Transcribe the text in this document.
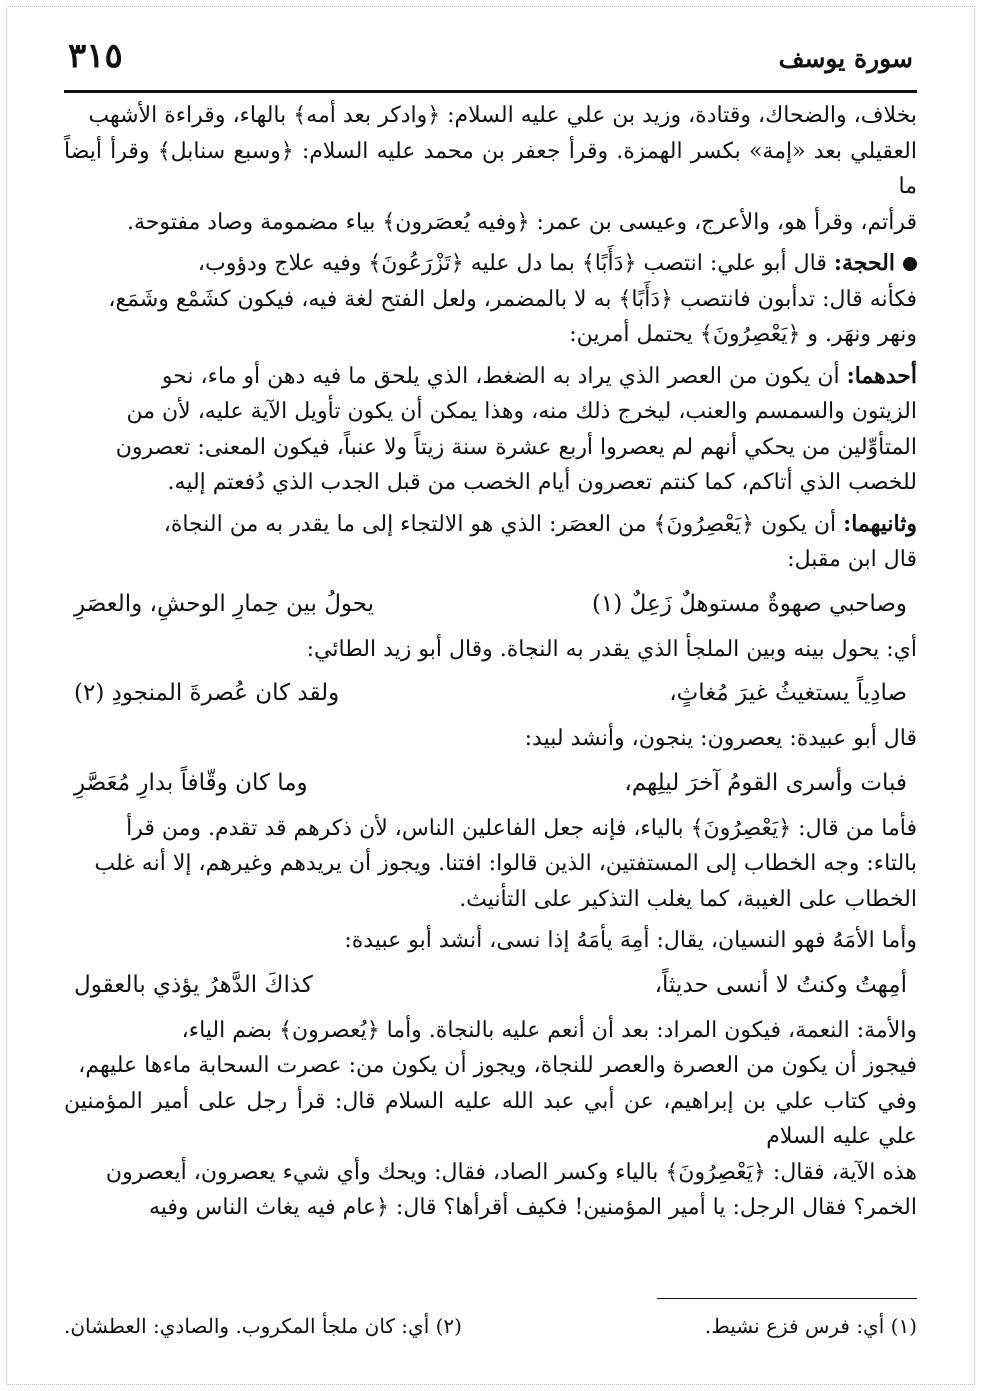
سورة يوسف
٣١٥

بخلاف، والضحاك، وقتادة، وزيد بن علي عليه السلام: ﴿وادكر بعد أمه﴾ بالهاء، وقراءة الأشهب

العقيلي بعد «إمة» بكسر الهمزة. وقرأ جعفر بن محمد عليه السلام: ﴿وسبع سنابل﴾ وقرأ أيضاً ما

قرأتم، وقرأ هو، والأعرج، وعيسى بن عمر: ﴿وفيه يُعصَرون﴾ بياء مضمومة وصاد مفتوحة.

الحجة: قال أبو علي: انتصب ﴿دَأَبًا﴾ بما دل عليه ﴿تَزْرَعُونَ﴾ وفيه علاج ودؤوب،

فكأنه قال: تدأبون فانتصب ﴿دَأَبًا﴾ به لا بالمضمر، ولعل الفتح لغة فيه، فيكون كشَمْع وشَمَع،

ونهر ونهَر. و ﴿يَعْصِرُونَ﴾ يحتمل أمرين:

أحدهما: أن يكون من العصر الذي يراد به الضغط، الذي يلحق ما فيه دهن أو ماء، نحو

الزيتون والسمسم والعنب، ليخرج ذلك منه، وهذا يمكن أن يكون تأويل الآية عليه، لأن من

المتأوِّلين من يحكي أنهم لم يعصروا أربع عشرة سنة زيتاً ولا عنباً، فيكون المعنى: تعصرون

للخصب الذي أتاكم، كما كنتم تعصرون أيام الخصب من قبل الجدب الذي دُفعتم إليه.

وثانيهما: أن يكون ﴿يَعْصِرُونَ﴾ من العصَر: الذي هو الالتجاء إلى ما يقدر به من النجاة،

قال ابن مقبل:

وصاحبي صهوةٌ مستوهلٌ زَعِلٌ (١)
يحولُ بين حِمارِ الوحشِ، والعصَرِ

أي: يحول بينه وبين الملجأ الذي يقدر به النجاة. وقال أبو زيد الطائي:

صادِياً يستغيثُ غيرَ مُغاثٍ،
ولقد كان عُصرةَ المنجودِ (٢)

قال أبو عبيدة: يعصرون: ينجون، وأنشد لبيد:

فبات وأسرى القومُ آخرَ ليلِهم،
وما كان وقّافاً بدارِ مُعَصَّرِ

فأما من قال: ﴿يَعْصِرُونَ﴾ بالياء، فإنه جعل الفاعلين الناس، لأن ذكرهم قد تقدم. ومن قرأ

بالتاء: وجه الخطاب إلى المستفتين، الذين قالوا: افتنا. ويجوز أن يريدهم وغيرهم، إلا أنه غلب

الخطاب على الغيبة، كما يغلب التذكير على التأنيث.

وأما الأمَهُ فهو النسيان، يقال: أمِهَ يأمَهُ إذا نسى، أنشد أبو عبيدة:

أمِهتُ وكنتُ لا أنسى حديثاً،
كذاكَ الدَّهرُ يؤذي بالعقول

والأمة: النعمة، فيكون المراد: بعد أن أنعم عليه بالنجاة. وأما ﴿يُعصرون﴾ بضم الياء،

فيجوز أن يكون من العصرة والعصر للنجاة، ويجوز أن يكون من: عصرت السحابة ماءها عليهم،

وفي كتاب علي بن إبراهيم، عن أبي عبد الله عليه السلام قال: قرأ رجل على أمير المؤمنين علي عليه السلام

هذه الآية، فقال: ﴿يَعْصِرُونَ﴾ بالياء وكسر الصاد، فقال: ويحك وأي شيء يعصرون، أيعصرون

الخمر؟ فقال الرجل: يا أمير المؤمنين! فكيف أقرأها؟ قال: ﴿عام فيه يغاث الناس وفيه

(١) أي: فرس فزع نشيط.
(٢) أي: كان ملجأ المكروب. والصادي: العطشان.
